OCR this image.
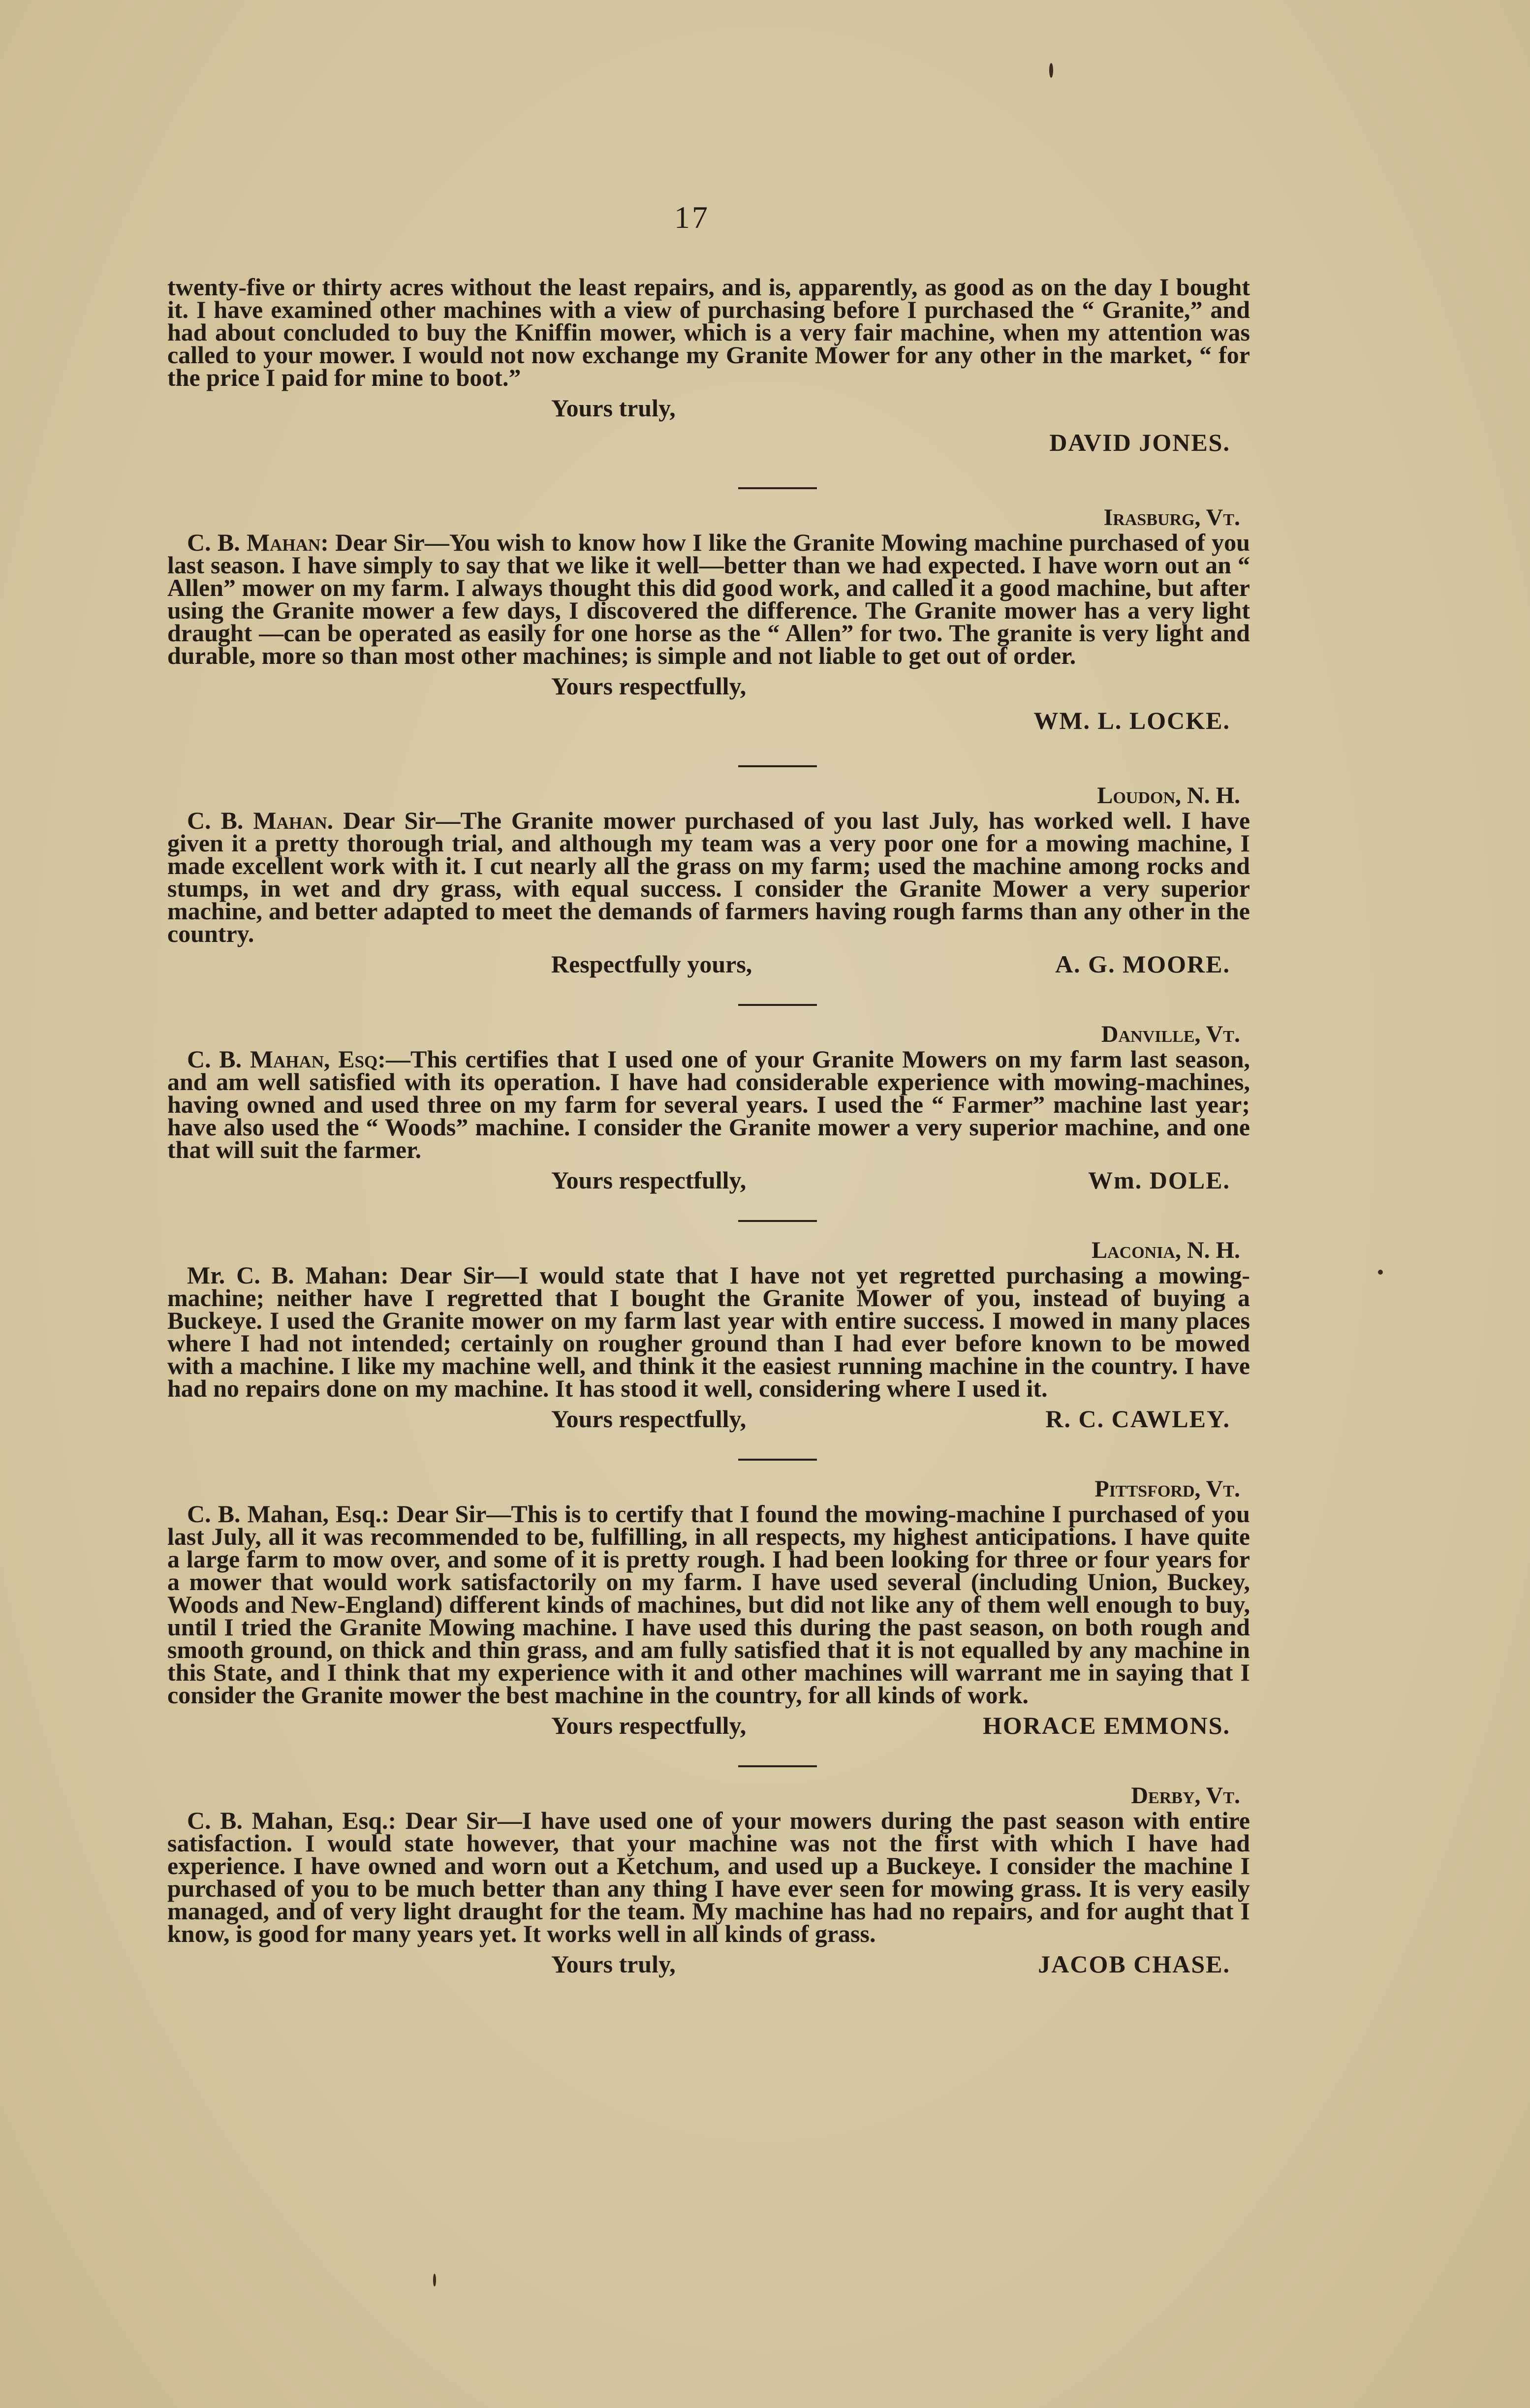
17

twenty-five or thirty acres without the least repairs, and is, apparently, as good as on the day I bought it. I have examined other machines with a view of purchasing before I purchased the “ Granite,” and had about concluded to buy the Kniffin mower, which is a very fair machine, when my attention was called to your mower. I would not now exchange my Granite Mower for any other in the market, “ for the price I paid for mine to boot.”

Yours truly,
DAVID JONES.
Irasburg, Vt.

C. B. Mahan: Dear Sir—You wish to know how I like the Granite Mowing machine purchased of you last season. I have simply to say that we like it well—better than we had expected. I have worn out an “ Allen” mower on my farm. I always thought this did good work, and called it a good machine, but after using the Granite mower a few days, I discovered the difference. The Granite mower has a very light draught —can be operated as easily for one horse as the “ Allen” for two. The granite is very light and durable, more so than most other machines; is simple and not liable to get out of order.

Yours respectfully,
WM. L. LOCKE.
Loudon, N. H.

C. B. Mahan. Dear Sir—The Granite mower purchased of you last July, has worked well. I have given it a pretty thorough trial, and although my team was a very poor one for a mowing machine, I made excellent work with it. I cut nearly all the grass on my farm; used the machine among rocks and stumps, in wet and dry grass, with equal success. I consider the Granite Mower a very superior machine, and better adapted to meet the demands of farmers having rough farms than any other in the country.

Respectfully yours,	A. G. MOORE.
Danville, Vt.

C. B. Mahan, Esq:—This certifies that I used one of your Granite Mowers on my farm last season, and am well satisfied with its operation. I have had considerable experience with mowing-machines, having owned and used three on my farm for several years. I used the “ Farmer” machine last year; have also used the “ Woods” machine. I consider the Granite mower a very superior machine, and one that will suit the farmer.

Yours respectfully,	Wm. DOLE.
Laconia, N. H.

Mr. C. B. Mahan: Dear Sir—I would state that I have not yet regretted purchasing a mowing-machine; neither have I regretted that I bought the Granite Mower of you, instead of buying a Buckeye. I used the Granite mower on my farm last year with entire success. I mowed in many places where I had not intended; certainly on rougher ground than I had ever before known to be mowed with a machine. I like my machine well, and think it the easiest running machine in the country. I have had no repairs done on my machine. It has stood it well, considering where I used it.

Yours respectfully,	R. C. CAWLEY.
Pittsford, Vt.

C. B. Mahan, Esq.: Dear Sir—This is to certify that I found the mowing-machine I purchased of you last July, all it was recommended to be, fulfilling, in all respects, my highest anticipations. I have quite a large farm to mow over, and some of it is pretty rough. I had been looking for three or four years for a mower that would work satisfactorily on my farm. I have used several (including Union, Buckey, Woods and New-England) different kinds of machines, but did not like any of them well enough to buy, until I tried the Granite Mowing machine. I have used this during the past season, on both rough and smooth ground, on thick and thin grass, and am fully satisfied that it is not equalled by any machine in this State, and I think that my experience with it and other machines will warrant me in saying that I consider the Granite mower the best machine in the country, for all kinds of work.

Yours respectfully,	HORACE EMMONS.
Derby, Vt.

C. B. Mahan, Esq.: Dear Sir—I have used one of your mowers during the past season with entire satisfaction. I would state however, that your machine was not the first with which I have had experience. I have owned and worn out a Ketchum, and used up a Buckeye. I consider the machine I purchased of you to be much better than any thing I have ever seen for mowing grass. It is very easily managed, and of very light draught for the team. My machine has had no repairs, and for aught that I know, is good for many years yet. It works well in all kinds of grass.

Yours truly,	JACOB CHASE.
